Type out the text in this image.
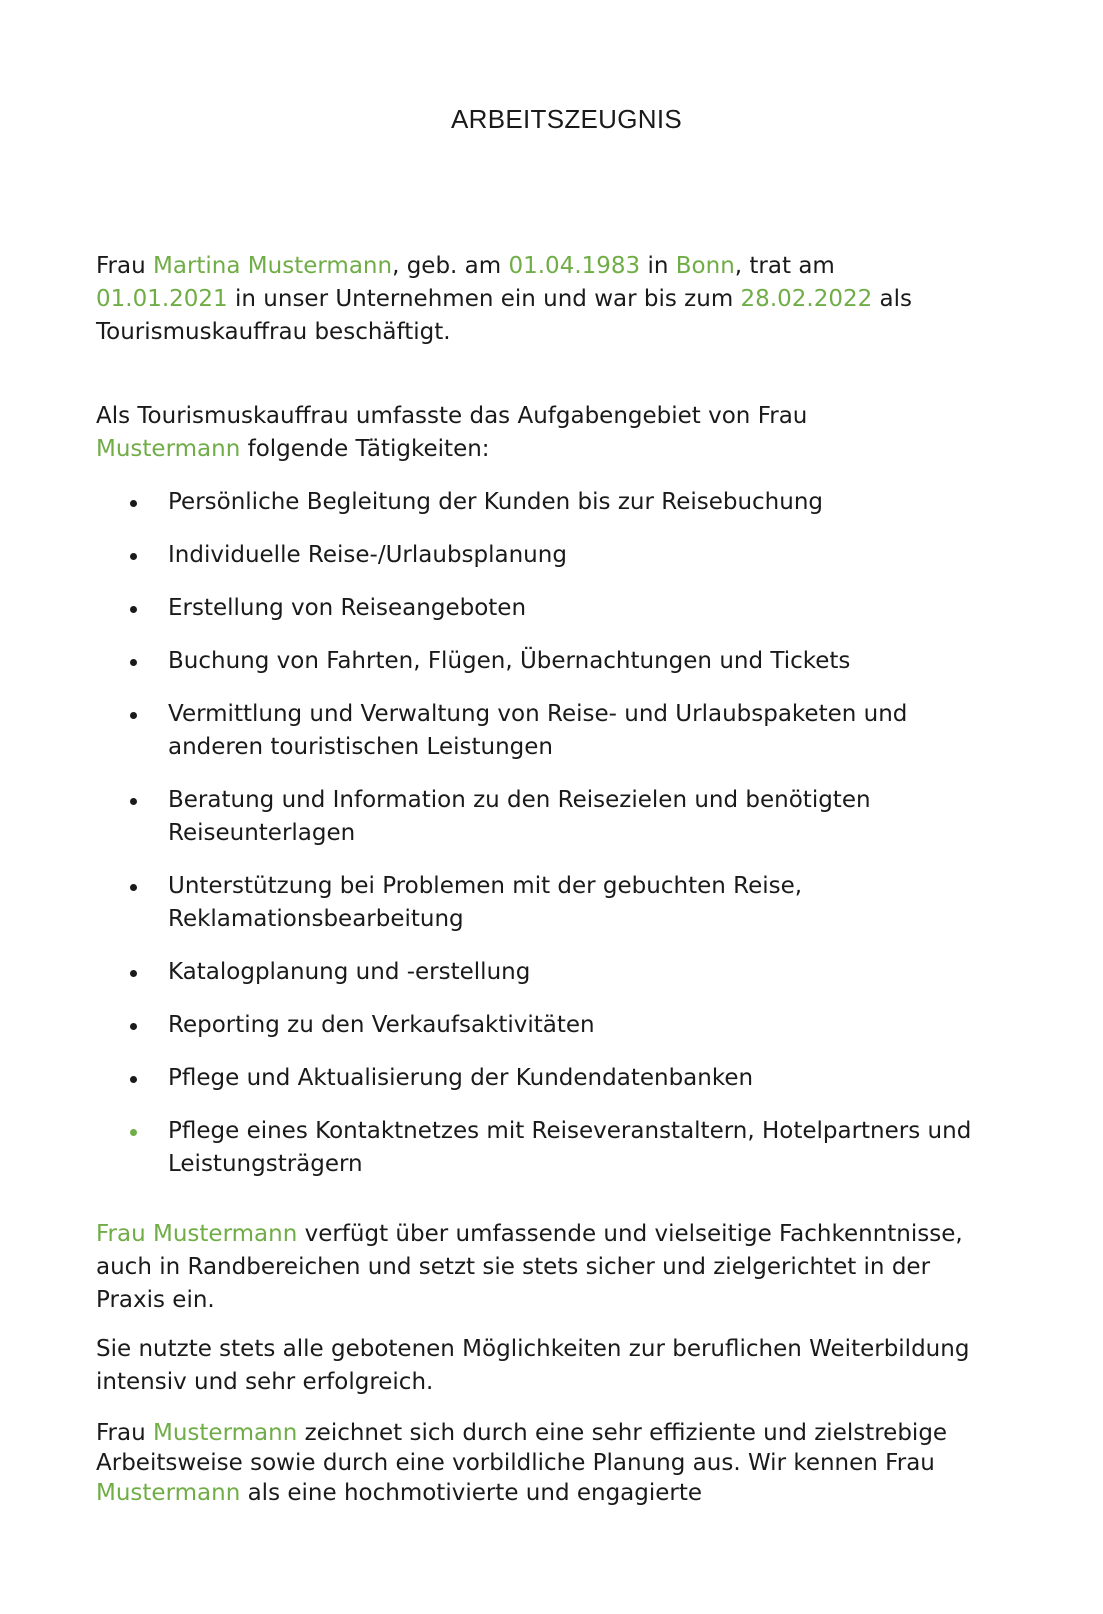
ARBEITSZEUGNIS
Frau Martina Mustermann, geb. am 01.04.1983 in Bonn, trat am
01.01.2021 in unser Unternehmen ein und war bis zum 28.02.2022 als Tourismuskauffrau beschäftigt.
Als Tourismuskauffrau umfasste das Aufgabengebiet von Frau
Mustermann folgende Tätigkeiten:
Persönliche Begleitung der Kunden bis zur Reisebuchung
Individuelle Reise-/Urlaubsplanung
Erstellung von Reiseangeboten
Buchung von Fahrten, Flügen, Übernachtungen und Tickets
Vermittlung und Verwaltung von Reise- und Urlaubspaketen und anderen touristischen Leistungen
Beratung und Information zu den Reisezielen und benötigten Reiseunterlagen
Unterstützung bei Problemen mit der gebuchten Reise, Reklamationsbearbeitung
Katalogplanung und -erstellung
Reporting zu den Verkaufsaktivitäten
Pflege und Aktualisierung der Kundendatenbanken
Pflege eines Kontaktnetzes mit Reiseveranstaltern, Hotelpartners und Leistungsträgern
Frau Mustermann verfügt über umfassende und vielseitige Fachkenntnisse, auch in Randbereichen und setzt sie stets sicher und zielgerichtet in der Praxis ein.
Sie nutzte stets alle gebotenen Möglichkeiten zur beruflichen Weiterbildung intensiv und sehr erfolgreich.
Frau Mustermann zeichnet sich durch eine sehr effiziente und zielstrebige Arbeitsweise sowie durch eine vorbildliche Planung aus. Wir kennen Frau
Mustermann als eine hochmotivierte und engagierte
